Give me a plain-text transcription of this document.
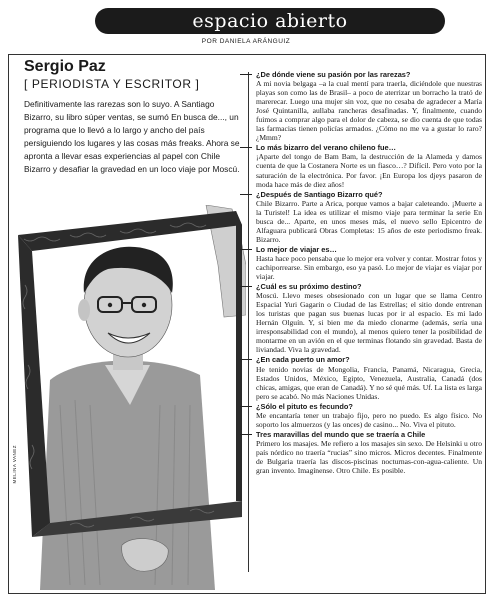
espacio abierto
POR DANIELA ARÁNGUIZ
Sergio Paz
[ PERIODISTA Y ESCRITOR ]
Definitivamente las rarezas son lo suyo. A Santiago Bizarro, su libro súper ventas, se sumó En busca de..., un programa que lo llevó a lo largo y ancho del país persiguiendo los lugares y las cosas más freaks. Ahora se apronta a llevar esas experiencias al papel con Chile Bizarro y desafiar la gravedad en un loco viaje por Moscú.
MELINA VANEZ
¿De dónde viene su pasión por las rarezas?
A mi novia belgaga –a la cual mentí para traerla, diciéndole que nuestras playas son como las de Brasil– a poco de aterrizar un borracho la trató de marerecar. Luego una mujer sin voz, que no cesaba de agradecer a María José Quintanilla, aullaba rancheras desafinadas. Y, finalmente, cuando fuimos a comprar algo para el dolor de cabeza, se dio cuenta de que todas las farmacias tienen policías armados. ¿Cómo no me va a gustar lo raro? ¿Mmm?
Lo más bizarro del verano chileno fue…
¡Aparte del tongo de Bam Bam, la destrucción de la Alameda y damos cuenta de que la Costanera Norte es un fiasco…? Difícil. Pero voto por la saturación de la electrónica. Por favor. ¡En Europa los djeys pasaron de moda hace más de diez años!
¿Después de Santiago Bizarro qué?
Chile Bizarro. Parte a Arica, porque vamos a bajar caleteando. ¡Muerte a la Turistel! La idea es utilizar el mismo viaje para terminar la serie En busca de... Aparte, en unos meses más, el nuevo sello Epicentro de Alfaguara publicará Obras Completas: 15 años de este periodismo freak. Bizarro.
Lo mejor de viajar es…
Hasta hace poco pensaba que lo mejor era volver y contar. Mostrar fotos y cachiporrearse. Sin embargo, eso ya pasó. Lo mejor de viajar es viajar por viajar.
¿Cuál es su próximo destino?
Moscú. Llevo meses obsesionado con un lugar que se llama Centro Espacial Yuri Gagarin o Ciudad de las Estrellas; el sitio donde entrenan los turistas que pagan sus buenas lucas por ir al espacio. Es mi lado Hernán Olguín. Y, si bien me da miedo clonarme (además, sería una irresponsabilidad con el mundo), al menos quiero tener la posibilidad de montarme en un avión en el que terminas flotando sin gravedad. Basta de liviandad. Viva la gravedad.
¿En cada puerto un amor?
He tenido novias de Mongolia, Francia, Panamá, Nicaragua, Grecia, Estados Unidos, México, Egipto, Venezuela, Australia, Canadá (dos chicas, amigas, que eran de Canadá). Y no sé qué más. Uf. La lista es larga pero se acabó. No más Naciones Unidas.
¿Sólo el pituto es fecundo?
Me encantaría tener un trabajo fijo, pero no puedo. Es algo físico. No soporto los almuerzos (y las onces) de casino... No. Viva el pituto.
Tres maravillas del mundo que se traería a Chile
Primero los masajes. Me refiero a los masajes sin sexo. De Helsinki u otro país nórdico no traería “rucias” sino micros. Micros decentes. Finalmente de Bulgaria traería las discos-piscinas nocturnas-con-agua-caliente. Un gran invento. Imagínense. Otro Chile. Es posible.
